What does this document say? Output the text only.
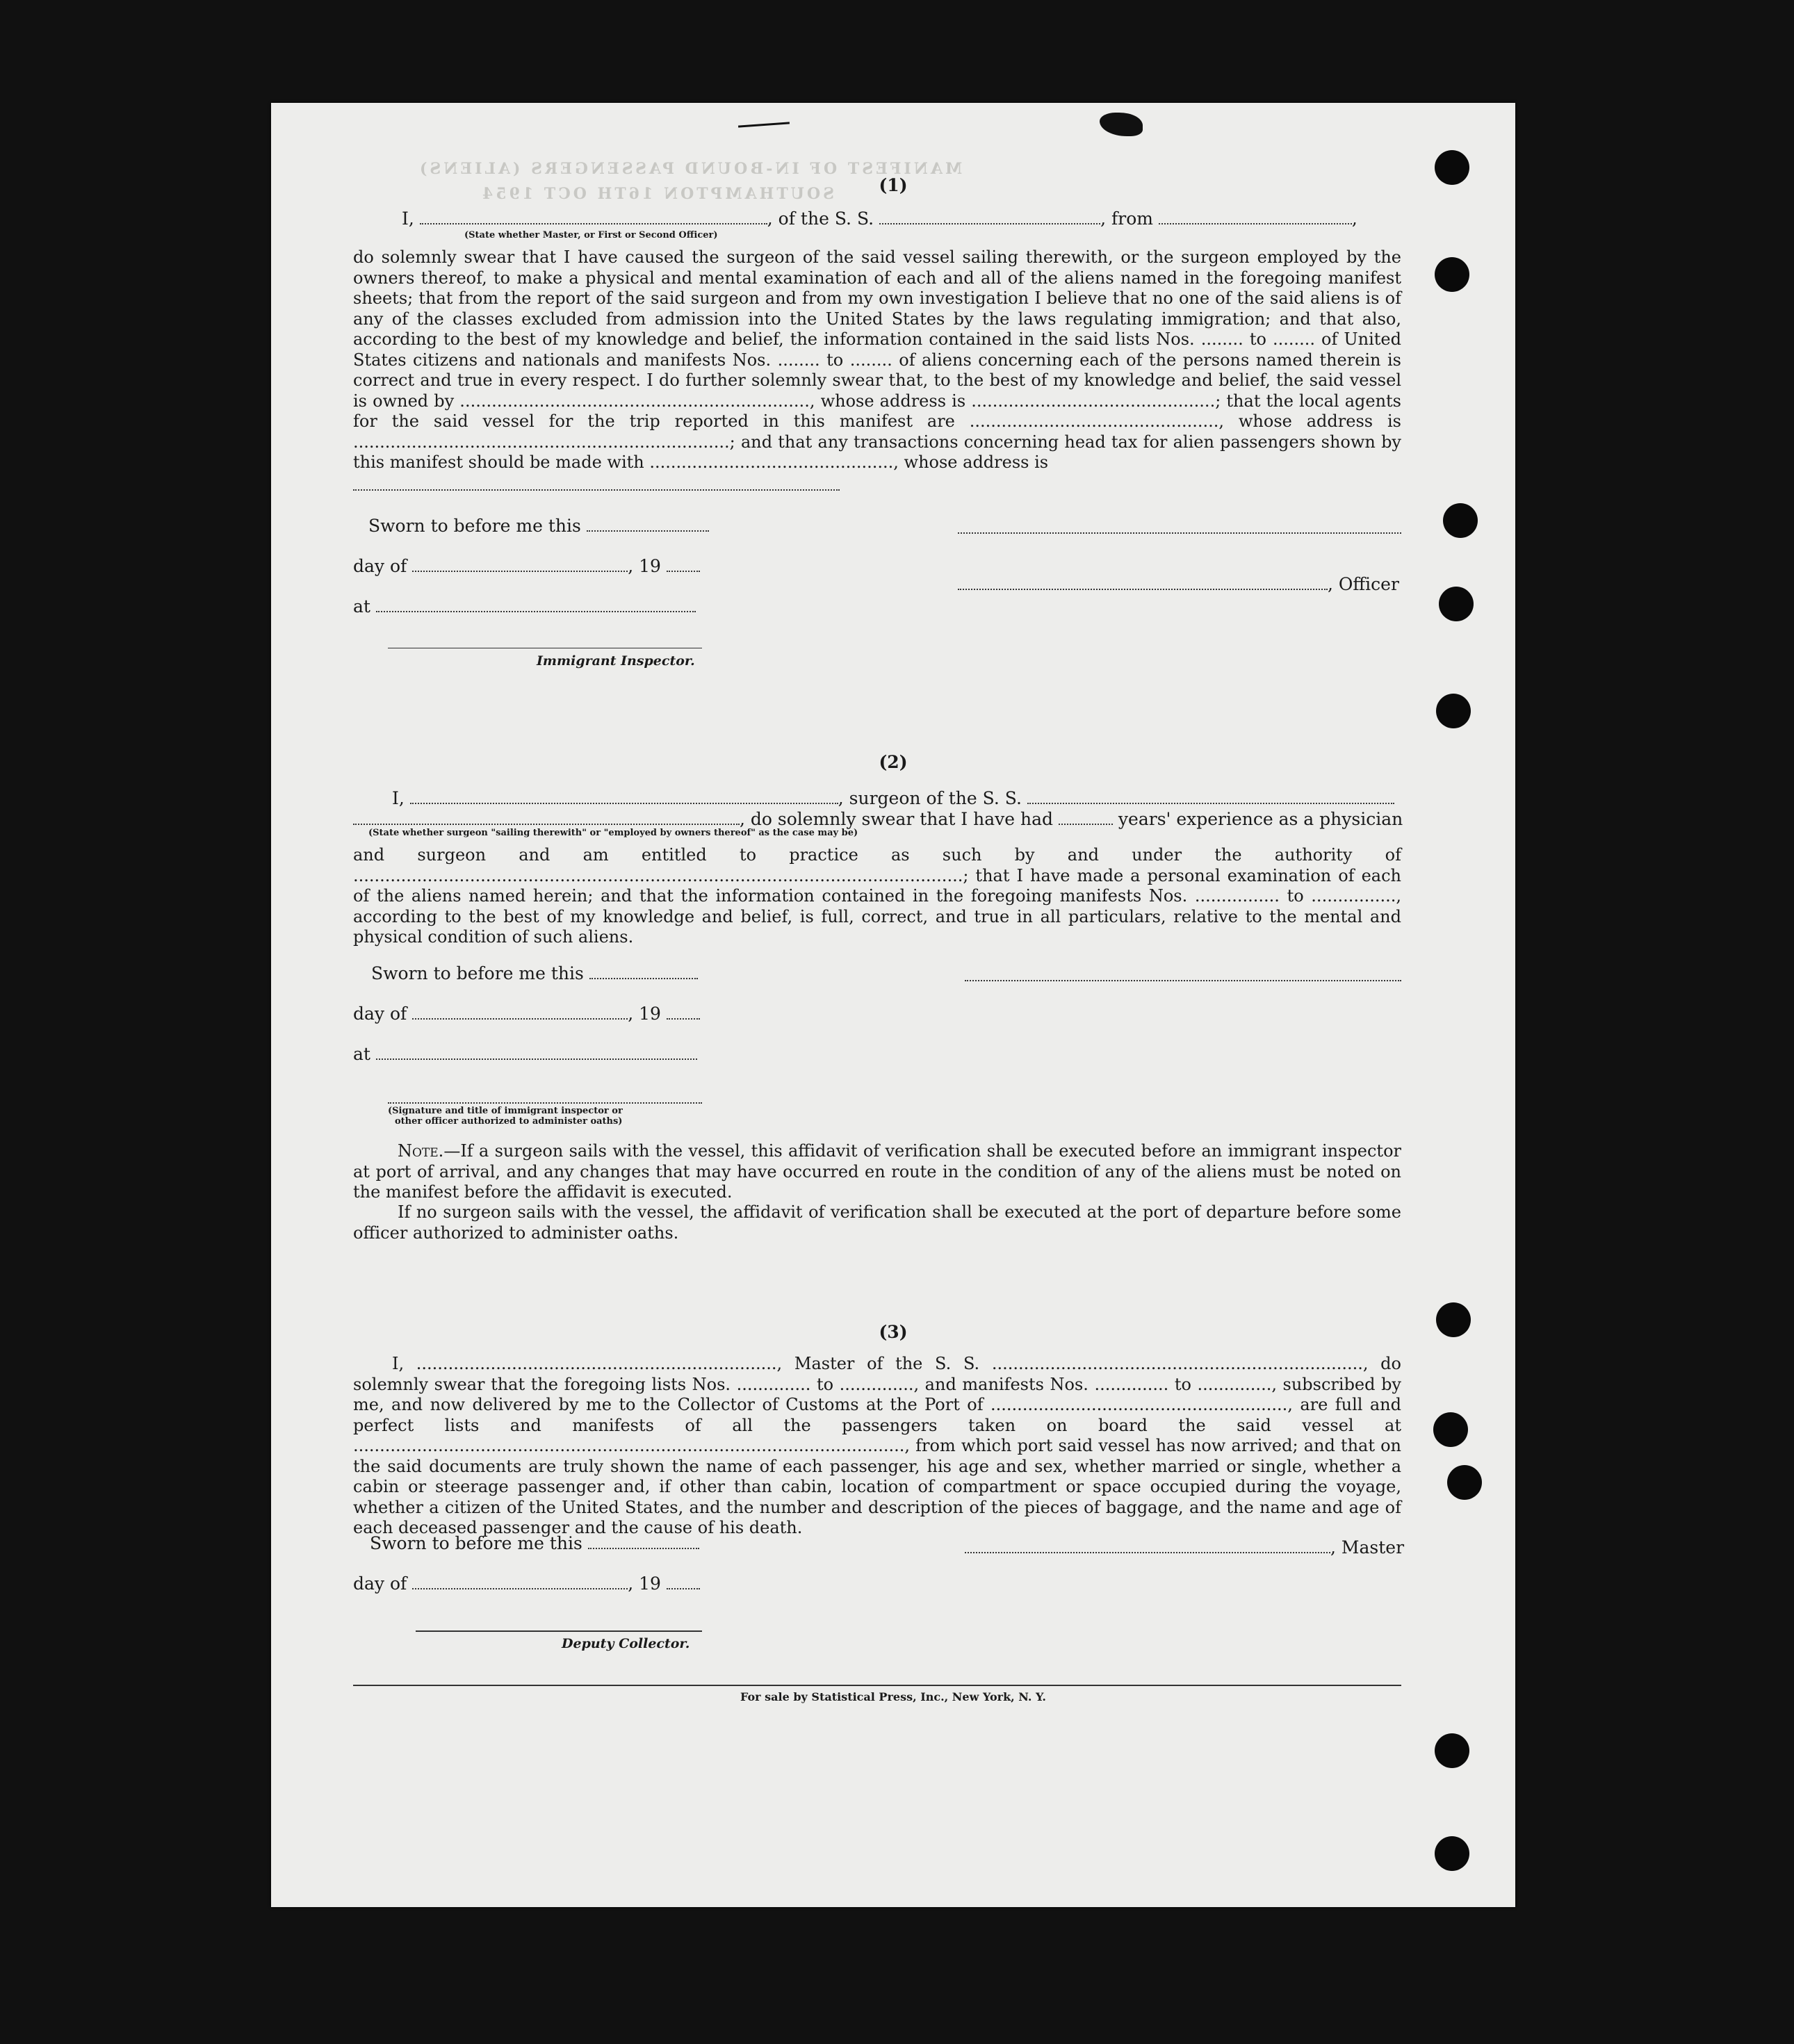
MANIFEST OF IN-BOUND PASSENGERS (ALIENS)
SOUTHAMPTON 16TH OCT 1954	(1)
I,	, of the S. S.	, from	,
(State whether Master, or First or Second Officer)
do solemnly swear that I have caused the surgeon of the said vessel sailing therewith, or the surgeon employed by the owners thereof, to make a physical and mental examination of each and all of the aliens named in the foregoing manifest sheets; that from the report of the said surgeon and from my own investigation I believe that no one of the said aliens is of any of the classes excluded from admission into the United States by the laws regulating immigration; and that also, according to the best of my knowledge and belief, the information contained in the said lists Nos. ........ to ........ of United States citizens and nationals and manifests Nos. ........ to ........ of aliens concerning each of the persons named therein is correct and true in every respect. I do further solemnly swear that, to the best of my knowledge and belief, the said vessel is owned by .................................................................., whose address is ..............................................; that the local agents for the said vessel for the trip reported in this manifest are ..............................................., whose address is .......................................................................; and that any transactions concerning head tax for alien passengers shown by this manifest should be made with .............................................., whose address is
Sworn to before me this
day of	, 19
at
Immigrant Inspector.
, Officer
(2)
I,	, surgeon of the S. S.
, do solemnly swear that I have had	years' experience as a physician
(State whether surgeon "sailing therewith" or "employed by owners thereof" as the case may be)
and surgeon and am entitled to practice as such by and under the authority of ...................................................................................................................; that I have made a personal examination of each of the aliens named herein; and that the information contained in the foregoing manifests Nos. ................ to ................, according to the best of my knowledge and belief, is full, correct, and true in all particulars, relative to the mental and physical condition of such aliens.
Sworn to before me this
day of	, 19
at
(Signature and title of immigrant inspector or
other officer authorized to administer oaths)
Note.—If a surgeon sails with the vessel, this affidavit of verification shall be executed before an immigrant inspector at port of arrival, and any changes that may have occurred en route in the condition of any of the aliens must be noted on the manifest before the affidavit is executed.
If no surgeon sails with the vessel, the affidavit of verification shall be executed at the port of departure before some officer authorized to administer oaths.
(3)
I, ...................................................................., Master of the S. S. ......................................................................, do solemnly swear that the foregoing lists Nos. .............. to .............., and manifests Nos. .............. to .............., subscribed by me, and now delivered by me to the Collector of Customs at the Port of ........................................................, are full and perfect lists and manifests of all the passengers taken on board the said vessel at ........................................................................................................, from which port said vessel has now arrived; and that on the said documents are truly shown the name of each passenger, his age and sex, whether married or single, whether a cabin or steerage passenger and, if other than cabin, location of compartment or space occupied during the voyage, whether a citizen of the United States, and the number and description of the pieces of baggage, and the name and age of each deceased passenger and the cause of his death.
Sworn to before me this	, Master
day of	, 19
Deputy Collector.
For sale by Statistical Press, Inc., New York, N. Y.
